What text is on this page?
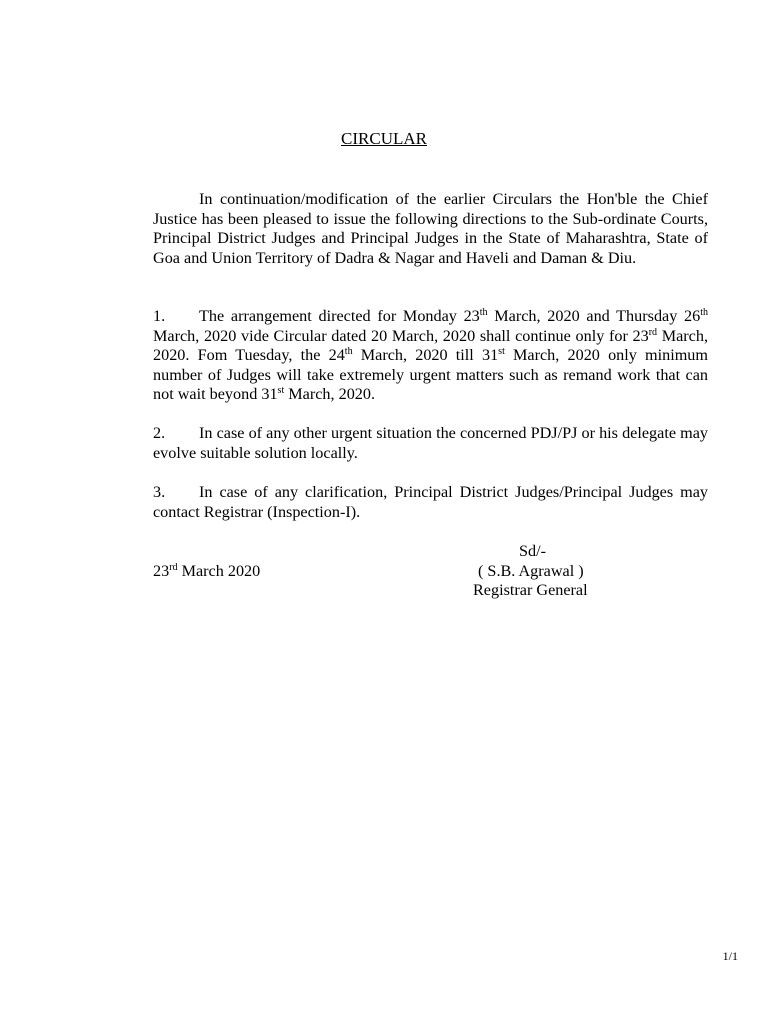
CIRCULAR

In continuation/modification of the earlier Circulars the Hon'ble the Chief Justice has been pleased to issue the following directions to the Sub-ordinate Courts, Principal District Judges and Principal Judges in the State of Maharashtra, State of Goa and Union Territory of Dadra & Nagar and Haveli and Daman & Diu.

1. The arrangement directed for Monday 23th March, 2020 and Thursday 26th March, 2020 vide Circular dated 20 March, 2020 shall continue only for 23rd March, 2020. Fom Tuesday, the 24th March, 2020 till 31st March, 2020 only minimum number of Judges will take extremely urgent matters such as remand work that can not wait beyond 31st March, 2020.

2. In case of any other urgent situation the concerned PDJ/PJ or his delegate may evolve suitable solution locally.

3. In case of any clarification, Principal District Judges/Principal Judges may contact Registrar (Inspection-I).

Sd/-
23rd March 2020	( S.B. Agrawal )
Registrar General
1/1
